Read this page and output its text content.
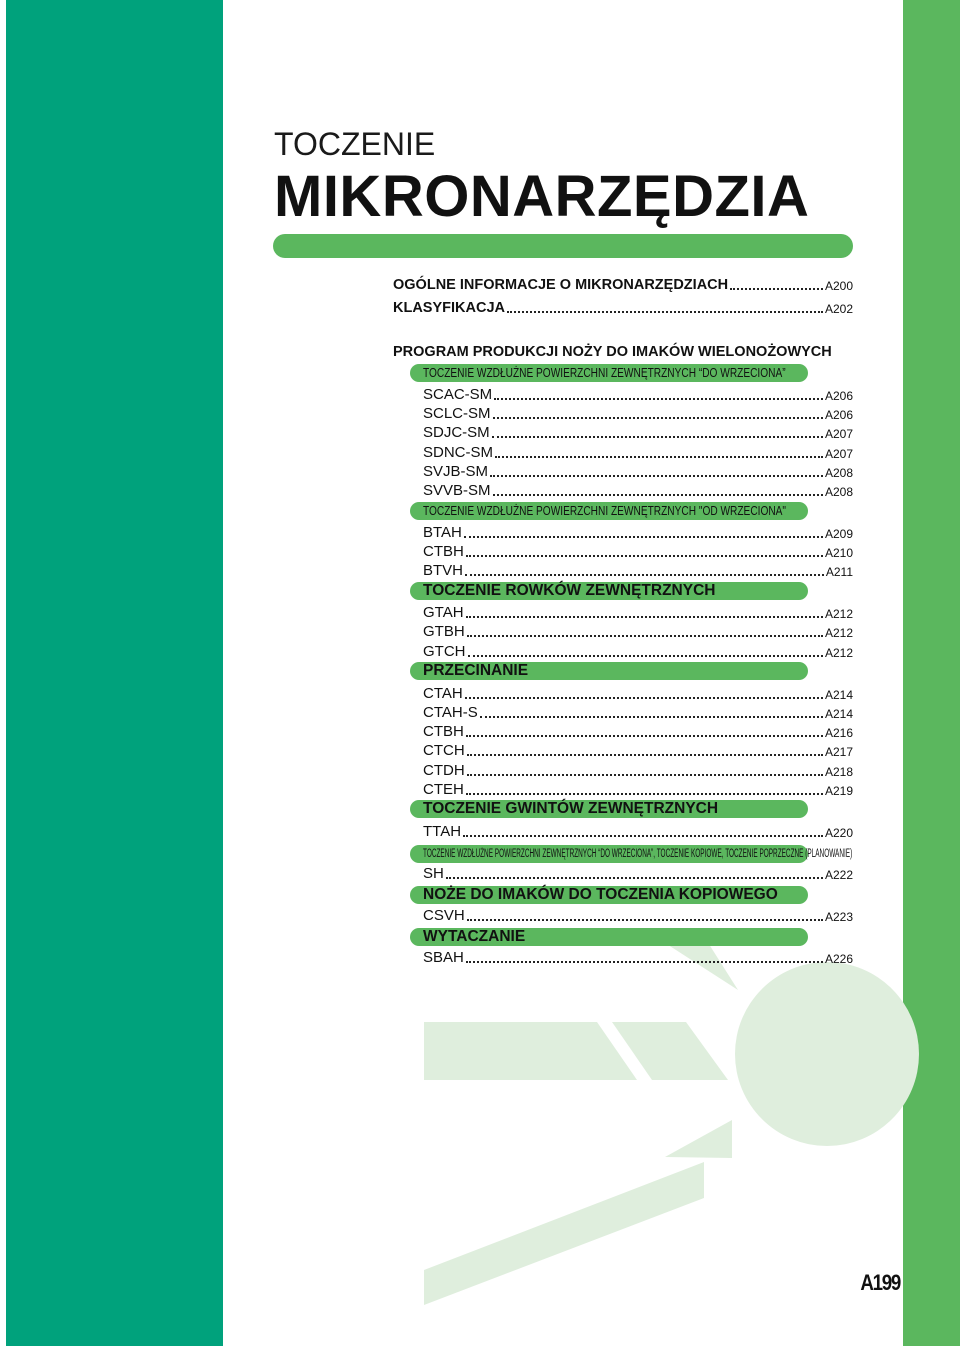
TOCZENIE
MIKRONARZĘDZIA
OGÓLNE INFORMACJE O MIKRONARZĘDZIACH	A200
KLASYFIKACJA	A202
PROGRAM PRODUKCJI NOŻY DO IMAKÓW WIELONOŻOWYCH
TOCZENIE WZDŁUŻNE POWIERZCHNI ZEWNĘTRZNYCH “DO WRZECIONA”
SCAC-SM	A206
SCLC-SM	A206
SDJC-SM	A207
SDNC-SM	A207
SVJB-SM	A208
SVVB-SM	A208
TOCZENIE WZDŁUŻNE POWIERZCHNI ZEWNĘTRZNYCH "OD WRZECIONA"
BTAH	A209
CTBH	A210
BTVH	A211
TOCZENIE ROWKÓW ZEWNĘTRZNYCH
GTAH	A212
GTBH	A212
GTCH	A212
PRZECINANIE
CTAH	A214
CTAH-S	A214
CTBH	A216
CTCH	A217
CTDH	A218
CTEH	A219
TOCZENIE GWINTÓW ZEWNĘTRZNYCH
TTAH	A220
TOCZENIE WZDŁUŻNE POWIERZCHNI ZEWNĘTRZNYCH “DO WRZECIONA”, TOCZENIE KOPIOWE, TOCZENIE POPRZECZNE (PLANOWANIE)
SH	A222
NOŻE DO IMAKÓW DO TOCZENIA KOPIOWEGO
CSVH	A223
WYTACZANIE
SBAH	A226
A199
